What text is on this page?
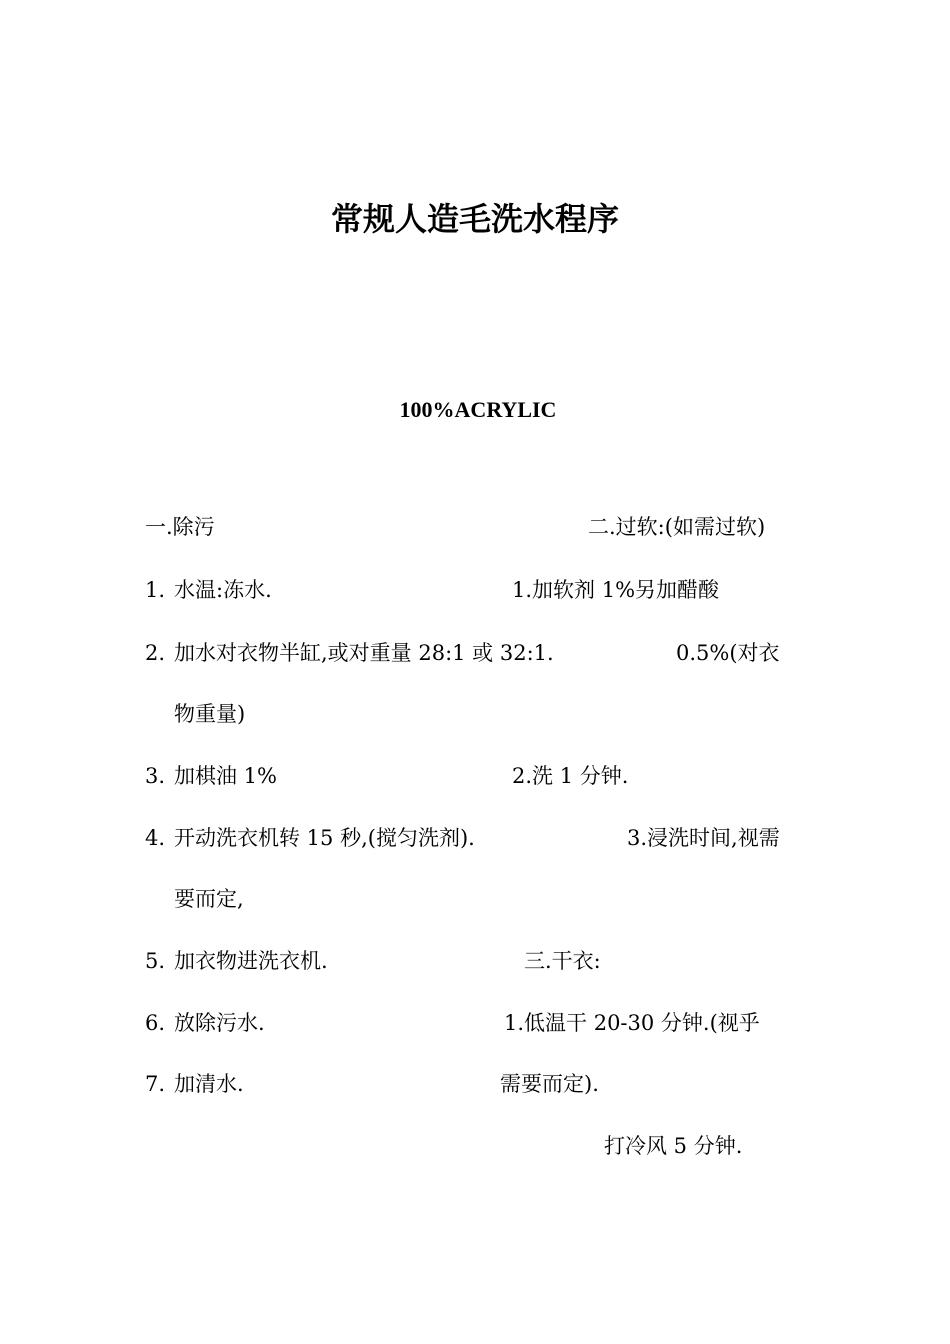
常规人造毛洗水程序
100%ACRYLIC
一.除污
1. 水温:冻水.
2. 加水对衣物半缸,或对重量 28:1 或 32:1.
物重量)
3. 加棋油 1%
4. 开动洗衣机转 15 秒,(搅匀洗剂).
要而定,
5. 加衣物进洗衣机.
6. 放除污水.
7. 加清水.
二.过软:(如需过软)
1.加软剂 1%另加醋酸
0.5%(对衣
2.洗 1 分钟.
3.浸洗时间,视需
三.干衣:
1.低温干 20-30 分钟.(视乎
需要而定).
打冷风 5 分钟.
